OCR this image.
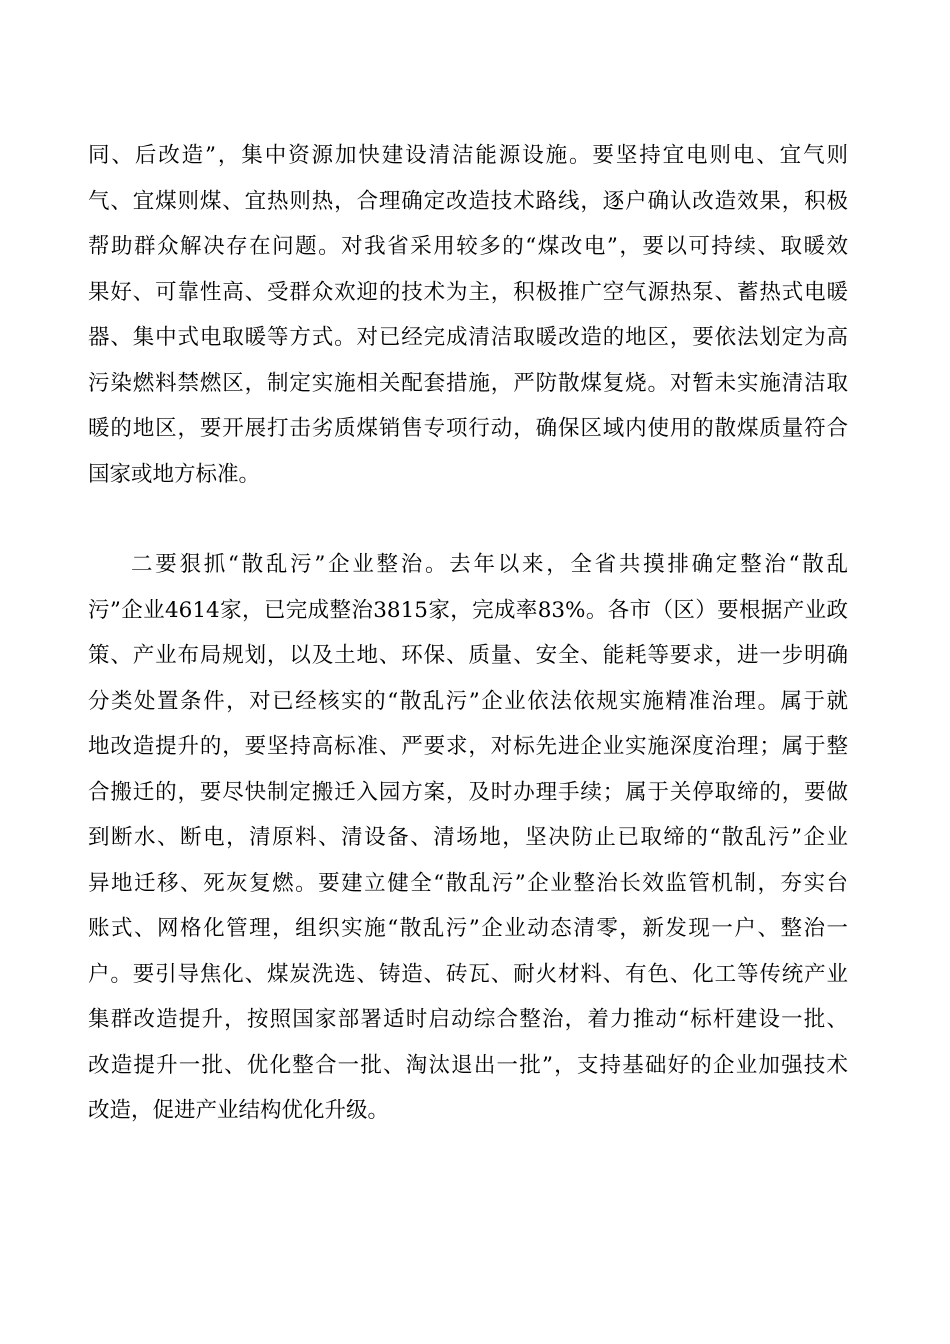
同、后改造”，集中资源加快建设清洁能源设施。要坚持宜电则电、宜气则
气、宜煤则煤、宜热则热，合理确定改造技术路线，逐户确认改造效果，积极
帮助群众解决存在问题。对我省采用较多的“煤改电”，要以可持续、取暖效
果好、可靠性高、受群众欢迎的技术为主，积极推广空气源热泵、蓄热式电暖
器、集中式电取暖等方式。对已经完成清洁取暖改造的地区，要依法划定为高
污染燃料禁燃区，制定实施相关配套措施，严防散煤复烧。对暂未实施清洁取
暖的地区，要开展打击劣质煤销售专项行动，确保区域内使用的散煤质量符合
国家或地方标准。
二要狠抓“散乱污”企业整治。去年以来，全省共摸排确定整治“散乱
污”企业4614家，已完成整治3815家，完成率83%。各市（区）要根据产业政
策、产业布局规划，以及土地、环保、质量、安全、能耗等要求，进一步明确
分类处置条件，对已经核实的“散乱污”企业依法依规实施精准治理。属于就
地改造提升的，要坚持高标准、严要求，对标先进企业实施深度治理；属于整
合搬迁的，要尽快制定搬迁入园方案，及时办理手续；属于关停取缔的，要做
到断水、断电，清原料、清设备、清场地，坚决防止已取缔的“散乱污”企业
异地迁移、死灰复燃。要建立健全“散乱污”企业整治长效监管机制，夯实台
账式、网格化管理，组织实施“散乱污”企业动态清零，新发现一户、整治一
户。要引导焦化、煤炭洗选、铸造、砖瓦、耐火材料、有色、化工等传统产业
集群改造提升，按照国家部署适时启动综合整治，着力推动“标杆建设一批、
改造提升一批、优化整合一批、淘汰退出一批”，支持基础好的企业加强技术
改造，促进产业结构优化升级。
